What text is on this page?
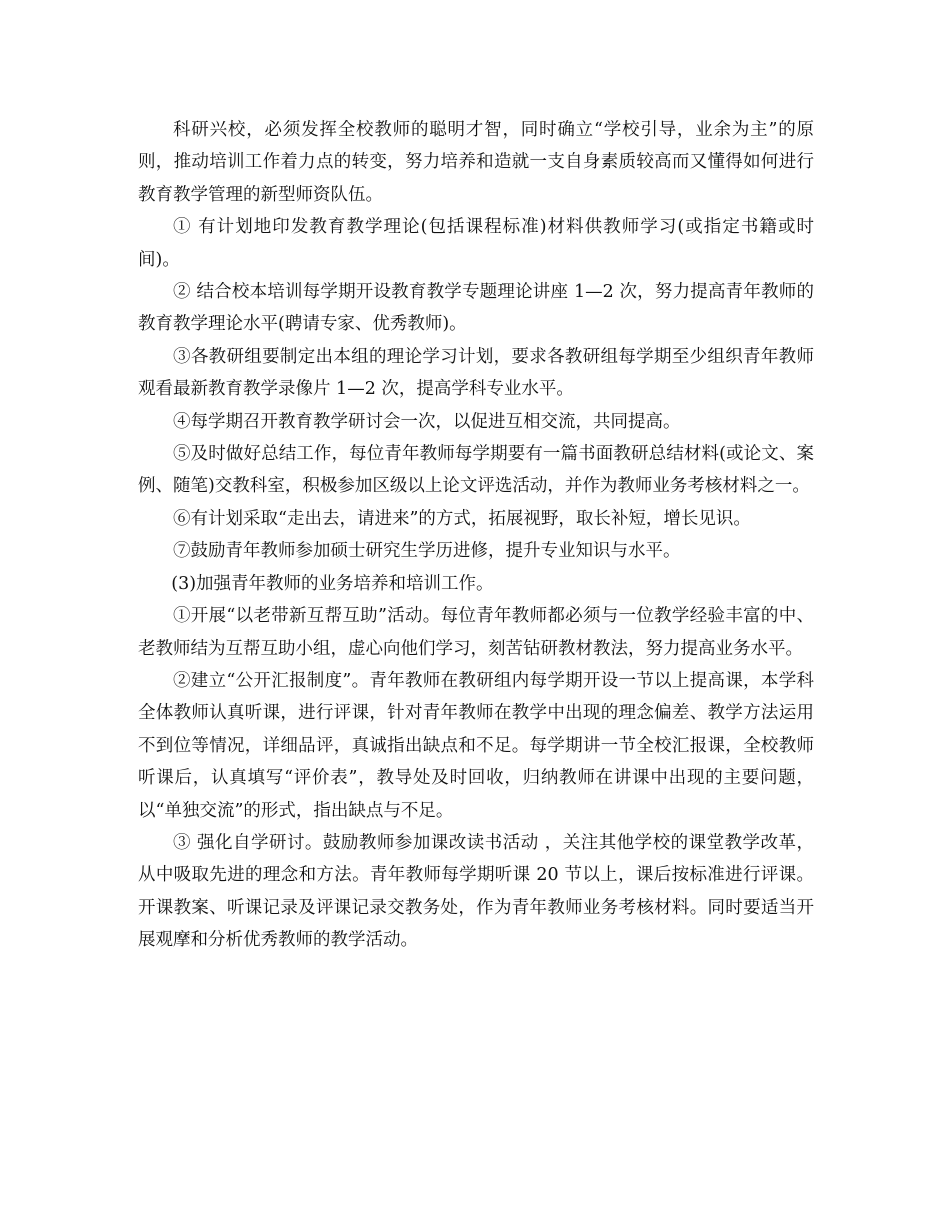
科研兴校，必须发挥全校教师的聪明才智，同时确立“学校引导，业余为主”的原则，推动培训工作着力点的转变，努力培养和造就一支自身素质较高而又懂得如何进行教育教学管理的新型师资队伍。

① 有计划地印发教育教学理论(包括课程标准)材料供教师学习(或指定书籍或时间)。

② 结合校本培训每学期开设教育教学专题理论讲座 1—2 次，努力提高青年教师的教育教学理论水平(聘请专家、优秀教师)。

③各教研组要制定出本组的理论学习计划，要求各教研组每学期至少组织青年教师观看最新教育教学录像片 1—2 次，提高学科专业水平。

④每学期召开教育教学研讨会一次，以促进互相交流，共同提高。

⑤及时做好总结工作，每位青年教师每学期要有一篇书面教研总结材料(或论文、案例、随笔)交教科室，积极参加区级以上论文评选活动，并作为教师业务考核材料之一。

⑥有计划采取“走出去，请进来”的方式，拓展视野，取长补短，增长见识。

⑦鼓励青年教师参加硕士研究生学历进修，提升专业知识与水平。

(3)加强青年教师的业务培养和培训工作。

①开展“以老带新互帮互助”活动。每位青年教师都必须与一位教学经验丰富的中、老教师结为互帮互助小组，虚心向他们学习，刻苦钻研教材教法，努力提高业务水平。

②建立“公开汇报制度”。青年教师在教研组内每学期开设一节以上提高课，本学科全体教师认真听课，进行评课，针对青年教师在教学中出现的理念偏差、教学方法运用不到位等情况，详细品评，真诚指出缺点和不足。每学期讲一节全校汇报课，全校教师听课后，认真填写“评价表”，教导处及时回收，归纳教师在讲课中出现的主要问题，以“单独交流”的形式，指出缺点与不足。

③ 强化自学研讨。鼓励教师参加课改读书活动 ，关注其他学校的课堂教学改革，从中吸取先进的理念和方法。青年教师每学期听课 20 节以上，课后按标准进行评课。开课教案、听课记录及评课记录交教务处，作为青年教师业务考核材料。同时要适当开展观摩和分析优秀教师的教学活动。
